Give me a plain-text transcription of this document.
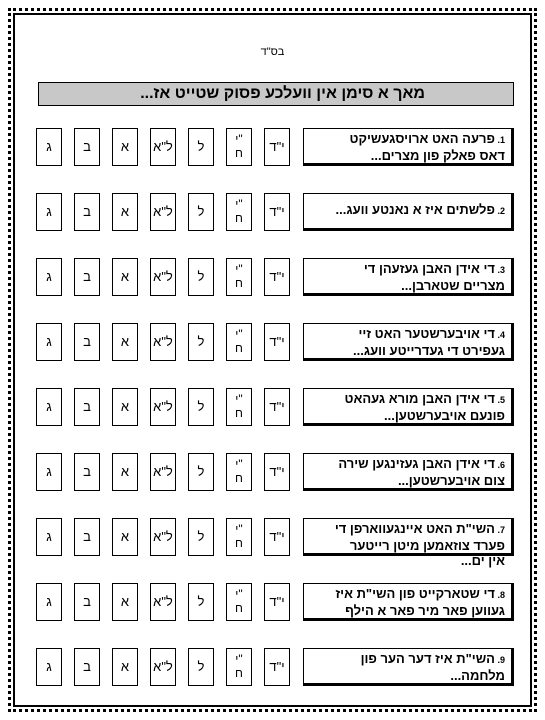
בס"ד
מאך א סימן אין וועלכע פסוק שטייט אז...
1. פרעה האט ארויסגעשיקט
דאס פאלק פון מצרים...
י"ד
י"
ח
ל
ל"א
א
ב
ג
2. פלשתים איז א נאנטע וועג...
י"ד
י"
ח
ל
ל"א
א
ב
ג
3. די אידן האבן געזעהן די
מצריים שטארבן...
י"ד
י"
ח
ל
ל"א
א
ב
ג
4. די אויבערשטער האט זיי
געפירט די געדרייטע וועג...
י"ד
י"
ח
ל
ל"א
א
ב
ג
5. די אידן האבן מורא געהאט
פונעם אויבערשטען...
י"ד
י"
ח
ל
ל"א
א
ב
ג
6. די אידן האבן געזינגען שירה
צום אויבערשטען...
י"ד
י"
ח
ל
ל"א
א
ב
ג
7. השי"ת האט איינגעווארפן די
פערד צוזאמען מיטן רייטער
אין ים...
י"ד
י"
ח
ל
ל"א
א
ב
ג
8. די שטארקייט פון השי"ת איז
געווען פאר מיר פאר א הילף
י"ד
י"
ח
ל
ל"א
א
ב
ג
9. השי"ת איז דער הער פון
מלחמה...
י"ד
י"
ח
ל
ל"א
א
ב
ג
